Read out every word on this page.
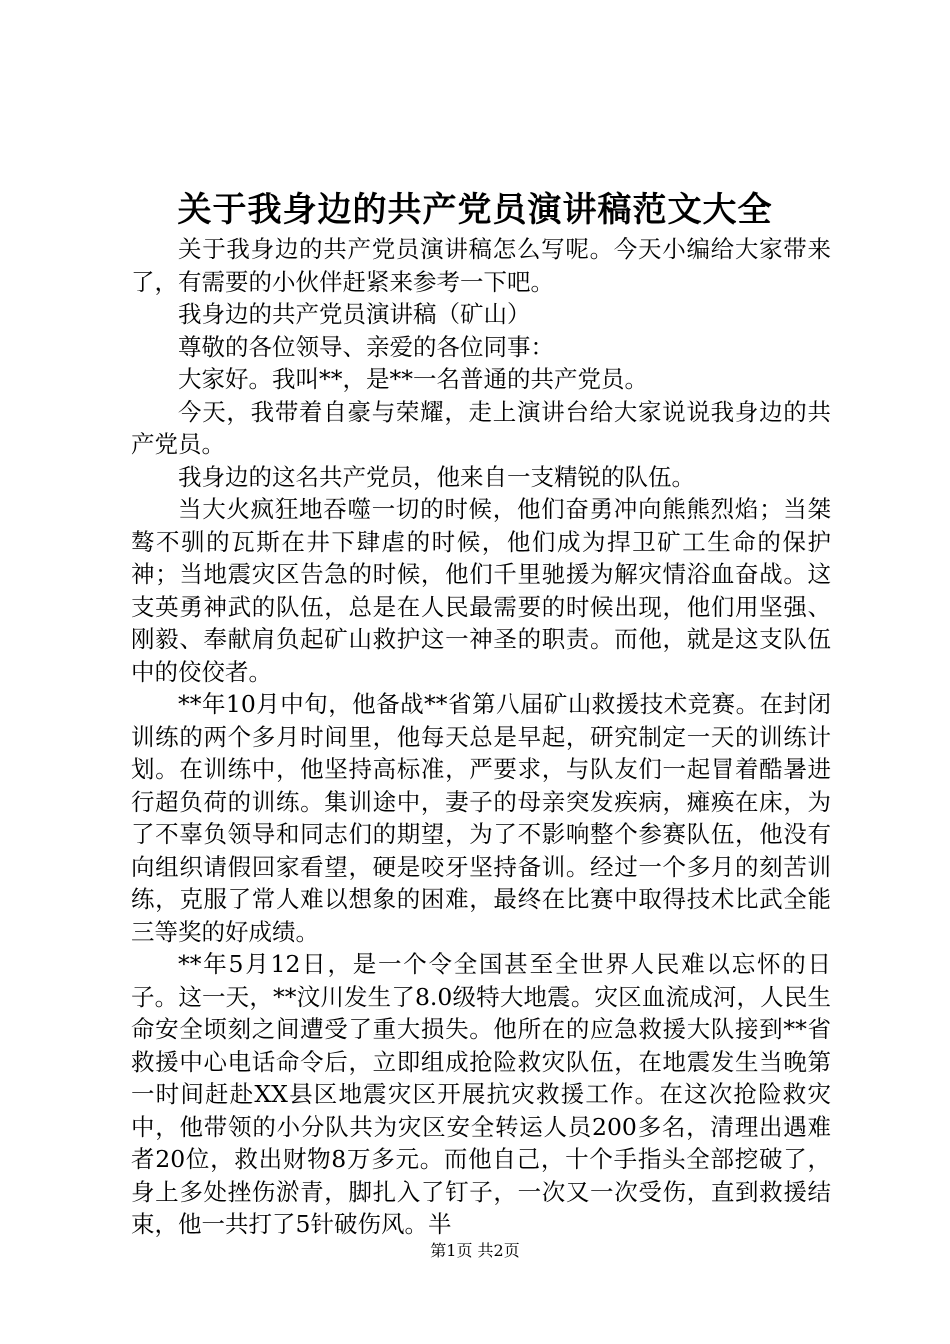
关于我身边的共产党员演讲稿范文大全

关于我身边的共产党员演讲稿怎么写呢。今天小编给大家带来了，有需要的小伙伴赶紧来参考一下吧。

我身边的共产党员演讲稿（矿山）

尊敬的各位领导、亲爱的各位同事：

大家好。我叫**，是**一名普通的共产党员。

今天，我带着自豪与荣耀，走上演讲台给大家说说我身边的共产党员。

我身边的这名共产党员，他来自一支精锐的队伍。

当大火疯狂地吞噬一切的时候，他们奋勇冲向熊熊烈焰；当桀骜不驯的瓦斯在井下肆虐的时候，他们成为捍卫矿工生命的保护神；当地震灾区告急的时候，他们千里驰援为解灾情浴血奋战。这支英勇神武的队伍，总是在人民最需要的时候出现，他们用坚强、刚毅、奉献肩负起矿山救护这一神圣的职责。而他，就是这支队伍中的佼佼者。

**年10月中旬，他备战**省第八届矿山救援技术竞赛。在封闭训练的两个多月时间里，他每天总是早起，研究制定一天的训练计划。在训练中，他坚持高标准，严要求，与队友们一起冒着酷暑进行超负荷的训练。集训途中，妻子的母亲突发疾病，瘫痪在床，为了不辜负领导和同志们的期望，为了不影响整个参赛队伍，他没有向组织请假回家看望，硬是咬牙坚持备训。经过一个多月的刻苦训练，克服了常人难以想象的困难，最终在比赛中取得技术比武全能三等奖的好成绩。

**年5月12日，是一个令全国甚至全世界人民难以忘怀的日子。这一天，**汶川发生了8.0级特大地震。灾区血流成河，人民生命安全顷刻之间遭受了重大损失。他所在的应急救援大队接到**省救援中心电话命令后，立即组成抢险救灾队伍，在地震发生当晚第一时间赶赴XX县区地震灾区开展抗灾救援工作。在这次抢险救灾中，他带领的小分队共为灾区安全转运人员200多名，清理出遇难者20位，救出财物8万多元。而他自己，十个手指头全部挖破了，身上多处挫伤淤青，脚扎入了钉子，一次又一次受伤，直到救援结束，他一共打了5针破伤风。半

第1页 共2页
